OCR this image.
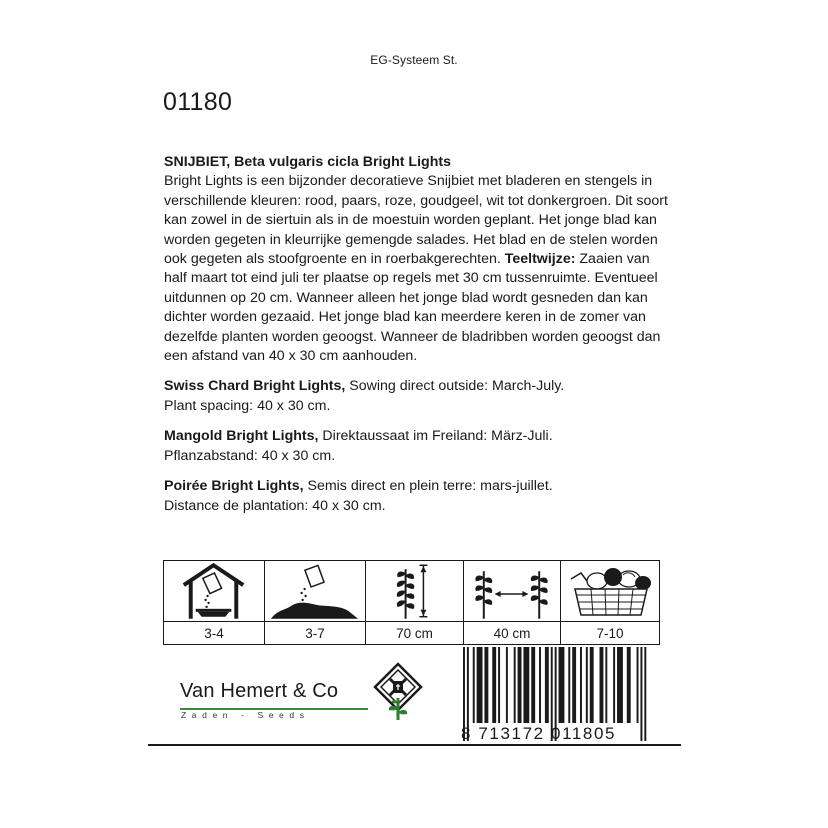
EG-Systeem St.
01180

SNIJBIET, Beta vulgaris cicla Bright Lights
Bright Lights is een bijzonder decoratieve Snijbiet met bladeren en stengels in verschillende kleuren: rood, paars, roze, goudgeel, wit tot donkergroen. Dit soort kan zowel in de siertuin als in de moestuin worden geplant. Het jonge blad kan worden gegeten in kleurrijke gemengde salades. Het blad en de stelen worden ook gegeten als stoofgroente en in roerbakgerechten. Teeltwijze: Zaaien van half maart tot eind juli ter plaatse op regels met 30 cm tussenruimte. Eventueel uitdunnen op 20 cm. Wanneer alleen het jonge blad wordt gesneden dan kan dichter worden gezaaid. Het jonge blad kan meerdere keren in de zomer van dezelfde planten worden geoogst. Wanneer de bladribben worden geoogst dan een afstand van 40 x 30 cm aanhouden.

Swiss Chard Bright Lights, Sowing direct outside: March-July.
Plant spacing: 40 x 30 cm.

Mangold Bright Lights, Direktaussaat im Freiland: März-Juli.
Pflanzabstand: 40 x 30 cm.

Poirée Bright Lights, Semis direct en plein terre: mars-juillet.
Distance de plantation: 40 x 30 cm.

3-4	3-7	70 cm	40 cm	7-10
Van Hemert & Co
Zaden - Seeds
8 713172 011805
